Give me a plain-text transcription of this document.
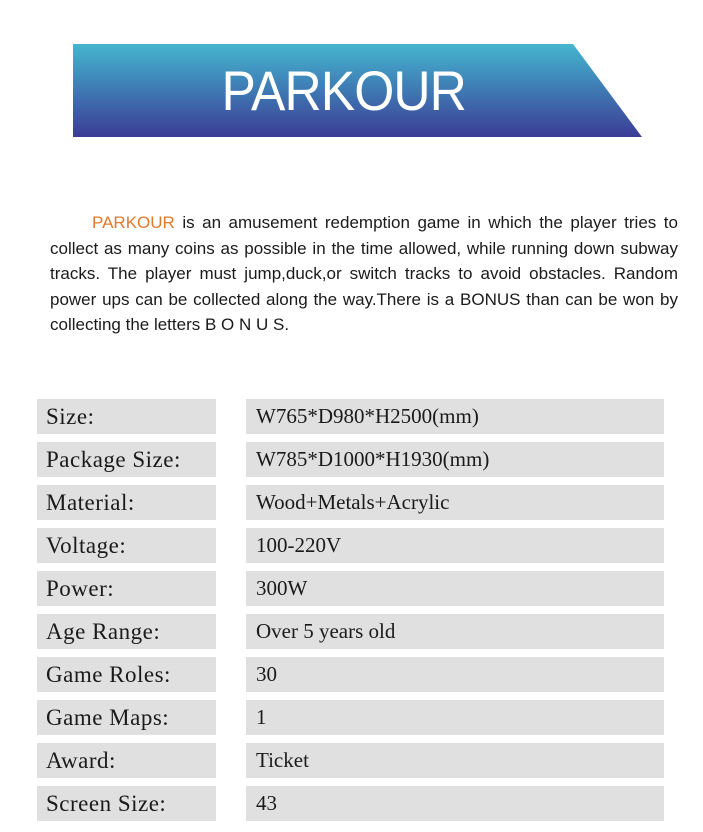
PARKOUR

PARKOUR is an amusement redemption game in which the player tries to collect as many coins as possible in the time allowed, while running down subway tracks. The player must jump,duck,or switch tracks to avoid obstacles. Random power ups can be collected along the way.There is a BONUS than can be won by collecting the letters B O N U S.

Size:	W765*D980*H2500(mm)
Package Size:	W785*D1000*H1930(mm)
Material:	Wood+Metals+Acrylic
Voltage:	100-220V
Power:	300W
Age Range:	Over 5 years old
Game Roles:	30
Game Maps:	1
Award:	Ticket
Screen Size:	43
